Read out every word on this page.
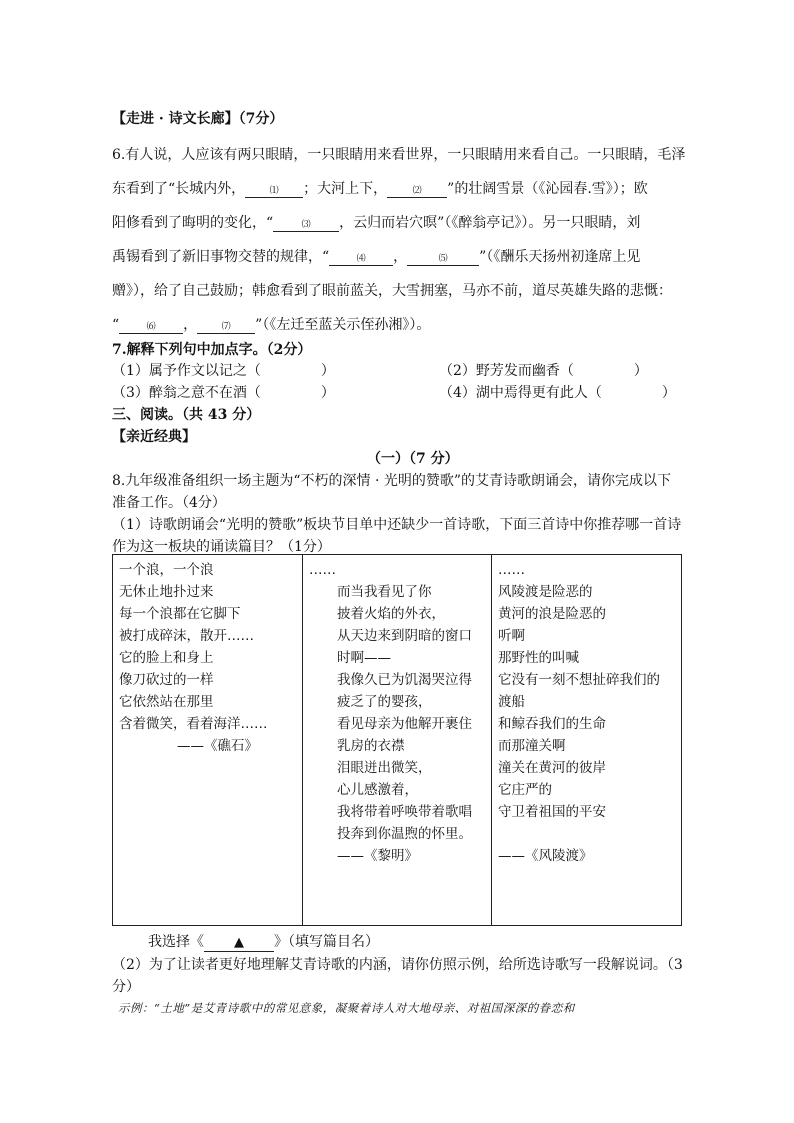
【走进 · 诗文长廊】（7分）
6.有人说，人应该有两只眼睛，一只眼睛用来看世界，一只眼睛用来看自己。一只眼睛，毛泽
东看到了“长城内外，	⑴ ；大河上下，	⑵ ”的壮阔雪景（《沁园春.雪》）；欧
阳修看到了晦明的变化，“	⑶ ，云归而岩穴暝”（《醉翁亭记》）。另一只眼睛，刘
禹锡看到了新旧事物交替的规律，“	⑷ ，	⑸ ”（《酬乐天扬州初逢席上见
赠》），给了自己鼓励；韩愈看到了眼前蓝关，大雪拥塞，马亦不前，道尽英雄失路的悲慨：
“	⑹ ，	⑺ ”（《左迁至蓝关示侄孙湘》）。
7.解释下列句中加点字。（2分）
（1）属予作文以记之（	）	（2）野芳发而幽香（	）
（3）醉翁之意不在酒（	）	（4）湖中焉得更有此人（	）
三、阅读。（共 43 分）
【亲近经典】
（一）（7 分）
8.九年级准备组织一场主题为“不朽的深情 · 光明的赞歌”的艾青诗歌朗诵会，请你完成以下
准备工作。（4分）
（1）诗歌朗诵会“光明的赞歌”板块节目单中还缺少一首诗歌，下面三首诗中你推荐哪一首诗
作为这一板块的诵读篇目？（1分）
一个浪，一个浪
无休止地扑过来
每一个浪都在它脚下
被打成碎沫，散开……
它的脸上和身上
像刀砍过的一样
它依然站在那里
含着微笑，看着海洋……
——《礁石》

……
而当我看见了你
披着火焰的外衣，
从天边来到阴暗的窗口
时啊——
我像久已为饥渴哭泣得
疲乏了的婴孩，
看见母亲为他解开裹住
乳房的衣襟
泪眼迸出微笑，
心儿感激着，
我将带着呼唤带着歌唱
投奔到你温煦的怀里。
——《黎明》

……
风陵渡是险恶的
黄河的浪是险恶的
听啊
那野性的叫喊
它没有一刻不想扯碎我们的
渡船
和鲸吞我们的生命
而那潼关啊
潼关在黄河的彼岸
它庄严的
守卫着祖国的平安
——《风陵渡》
我选择《 ▲ 》（填写篇目名）
（2）为了让读者更好地理解艾青诗歌的内涵，请你仿照示例，给所选诗歌写一段解说词。（3
分）
示例：“土地”是艾青诗歌中的常见意象，凝聚着诗人对大地母亲、对祖国深深的眷恋和
